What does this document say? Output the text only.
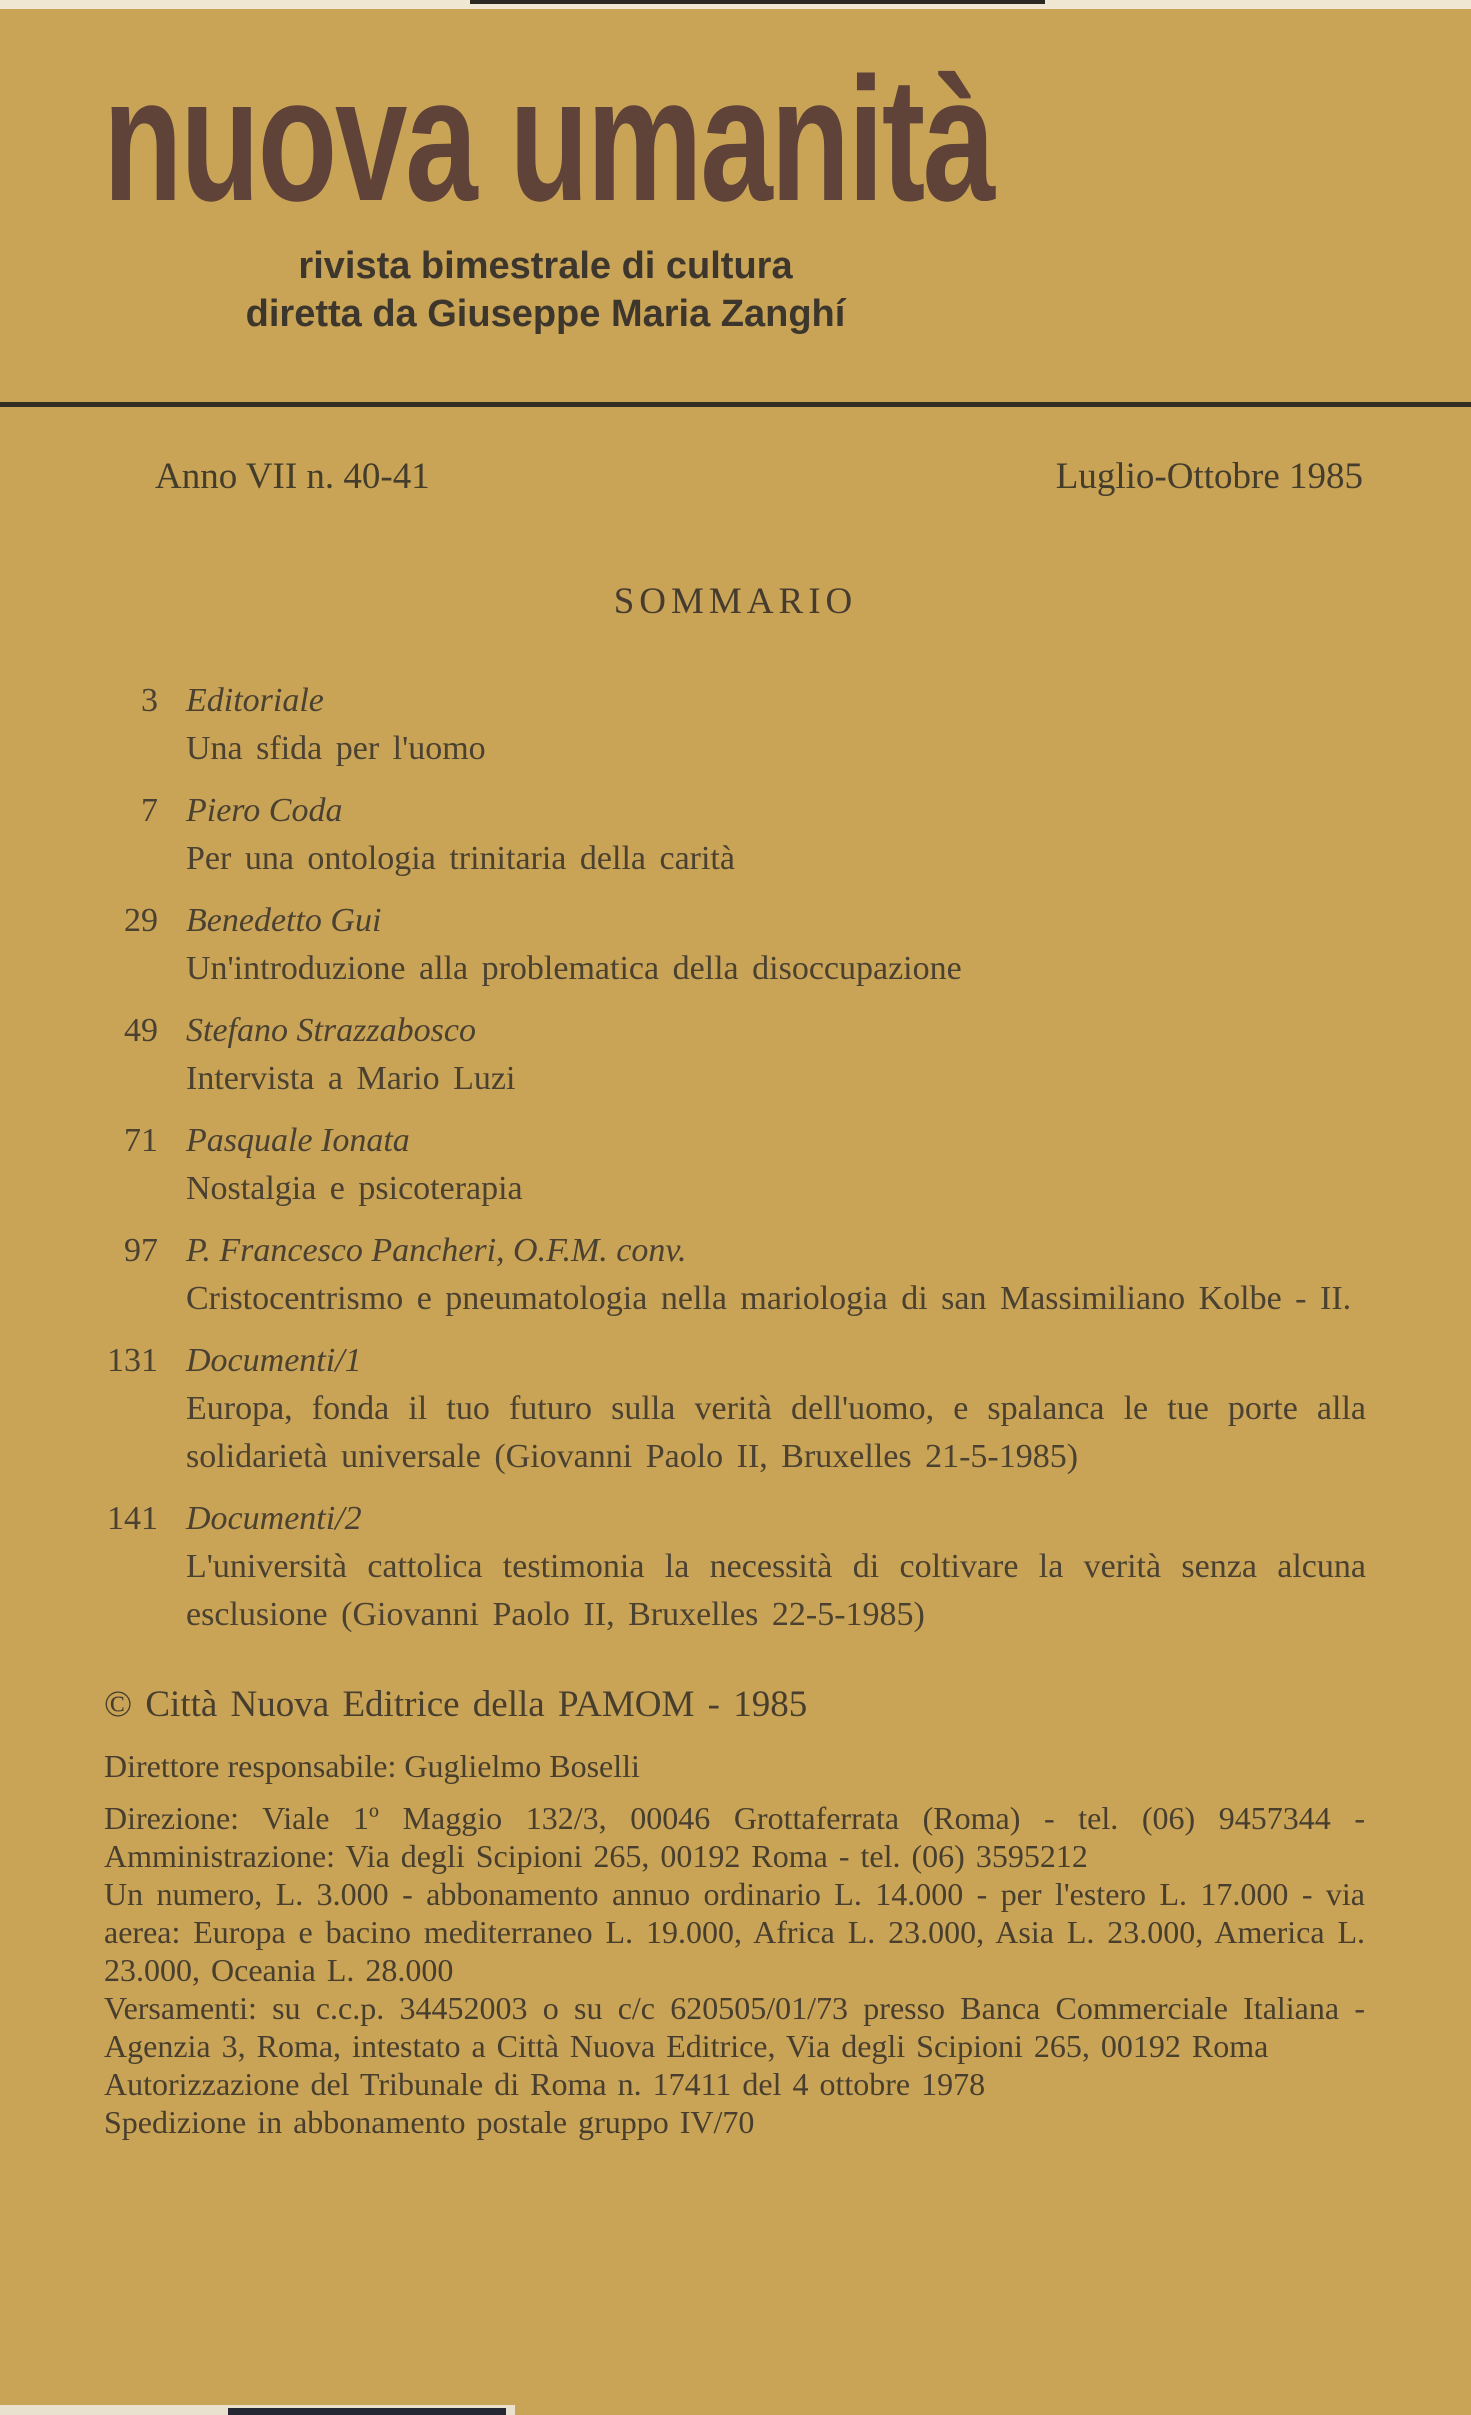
nuova umanità
rivista bimestrale di cultura
diretta da Giuseppe Maria Zanghí
Anno VII n. 40-41	Luglio-Ottobre 1985
SOMMARIO
3 Editoriale
Una sfida per l'uomo
7 Piero Coda
Per una ontologia trinitaria della carità
29 Benedetto Gui
Un'introduzione alla problematica della disoccupazione
49 Stefano Strazzabosco
Intervista a Mario Luzi
71 Pasquale Ionata
Nostalgia e psicoterapia
97 P. Francesco Pancheri, O.F.M. conv.
Cristocentrismo e pneumatologia nella mariologia di san Massimiliano Kolbe - II.
131 Documenti/1
Europa, fonda il tuo futuro sulla verità dell'uomo, e spalanca le tue porte alla solidarietà universale (Giovanni Paolo II, Bruxelles 21-5-1985)
141 Documenti/2
L'università cattolica testimonia la necessità di coltivare la verità senza alcuna esclusione (Giovanni Paolo II, Bruxelles 22-5-1985)
© Città Nuova Editrice della PAMOM - 1985
Direttore responsabile: Guglielmo Boselli

Direzione: Viale 1º Maggio 132/3, 00046 Grottaferrata (Roma) - tel. (06) 9457344 - Amministrazione: Via degli Scipioni 265, 00192 Roma - tel. (06) 3595212

Un numero, L. 3.000 - abbonamento annuo ordinario L. 14.000 - per l'estero L. 17.000 - via aerea: Europa e bacino mediterraneo L. 19.000, Africa L. 23.000, Asia L. 23.000, America L. 23.000, Oceania L. 28.000

Versamenti: su c.c.p. 34452003 o su c/c 620505/01/73 presso Banca Commerciale Italiana - Agenzia 3, Roma, intestato a Città Nuova Editrice, Via degli Scipioni 265, 00192 Roma

Autorizzazione del Tribunale di Roma n. 17411 del 4 ottobre 1978

Spedizione in abbonamento postale gruppo IV/70
